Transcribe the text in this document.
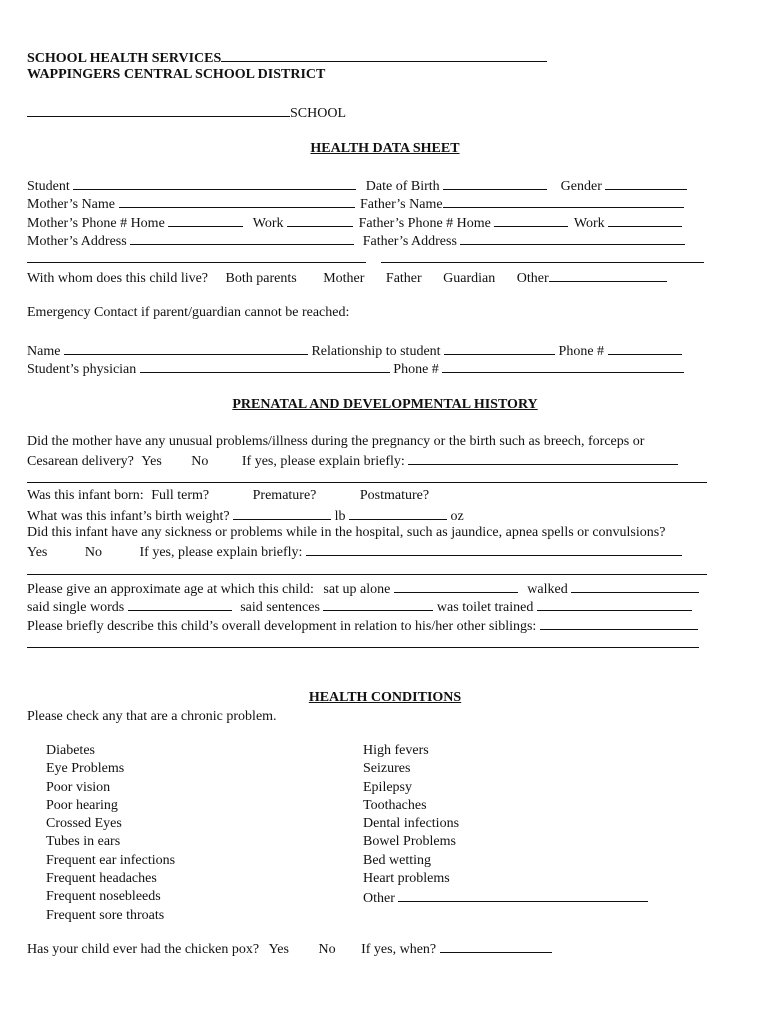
SCHOOL HEALTH SERVICES
WAPPINGERS CENTRAL SCHOOL DISTRICT
SCHOOL
HEALTH DATA SHEET
Student	Date of Birth	Gender
Mother’s Name	Father’s Name
Mother’s Phone # Home	Work	Father’s Phone # Home	Work
Mother’s Address	Father’s Address

With whom does this child live? Both parents Mother Father Guardian Other
Emergency Contact if parent/guardian cannot be reached:
Name	Relationship to student	Phone #
Student’s physician	Phone #
PRENATAL AND DEVELOPMENTAL HISTORY
Did the mother have any unusual problems/illness during the pregnancy or the birth such as breech, forceps or
Cesarean delivery? Yes No If yes, please explain briefly:
Was this infant born: Full term?	Premature?	Postmature?
What was this infant’s birth weight?	lb	oz
Did this infant have any sickness or problems while in the hospital, such as jaundice, apnea spells or convulsions?
Yes	No	If yes, please explain briefly:
Please give an approximate age at which this child: sat up alone	walked
said single words	said sentences	was toilet trained
Please briefly describe this child’s overall development in relation to his/her other siblings:
HEALTH CONDITIONS
Please check any that are a chronic problem.
Diabetes
Eye Problems
Poor vision
Poor hearing
Crossed Eyes
Tubes in ears
Frequent ear infections
Frequent headaches
Frequent nosebleeds
Frequent sore throats
High fevers
Seizures
Epilepsy
Toothaches
Dental infections
Bowel Problems
Bed wetting
Heart problems
Other
Has your child ever had the chicken pox? Yes No If yes, when?
